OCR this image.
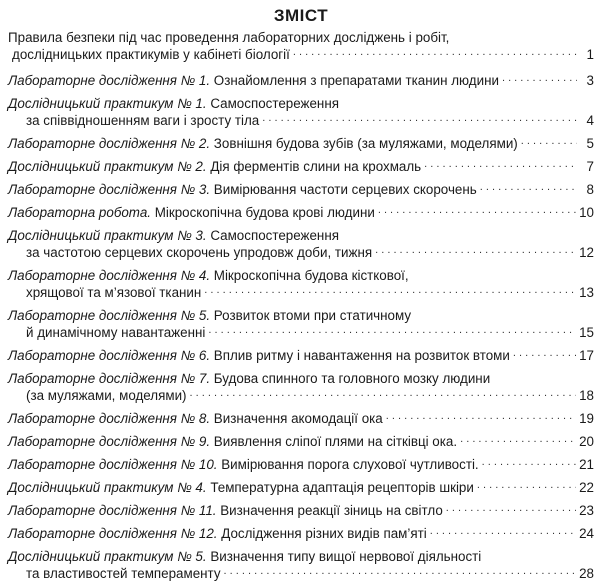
ЗМІСТ
Правила безпеки під час проведення лабораторних досліджень і робіт,
дослідницьких практикумів у кабінеті біології . . .	1
Лабораторне дослідження № 1. Ознайомлення з препаратами тканин людини . . .	3
Дослідницький практикум № 1. Самоспостереження
за співвідношенням ваги і зросту тіла . . .	4
Лабораторне дослідження № 2. Зовнішня будова зубів (за муляжами, моделями) . . .	5
Дослідницький практикум № 2. Дія ферментів слини на крохмаль . . .	7
Лабораторне дослідження № 3. Вимірювання частоти серцевих скорочень . . .	8
Лабораторна робота. Мікроскопічна будова крові людини . . .	10
Дослідницький практикум № 3. Самоспостереження
за частотою серцевих скорочень упродовж доби, тижня . . .	12
Лабораторне дослідження № 4. Мікроскопічна будова кісткової,
хрящової та м’язової тканин . . .	13
Лабораторне дослідження № 5. Розвиток втоми при статичному
й динамічному навантаженні . . .	15
Лабораторне дослідження № 6. Вплив ритму і навантаження на розвиток втоми . . .	17
Лабораторне дослідження № 7. Будова спинного та головного мозку людини
(за муляжами, моделями) . . .	18
Лабораторне дослідження № 8. Визначення акомодації ока . . .	19
Лабораторне дослідження № 9. Виявлення сліпої плями на сітківці ока. . . .	20
Лабораторне дослідження № 10. Вимірювання порога слухової чутливості. . . .	21
Дослідницький практикум № 4. Температурна адаптація рецепторів шкіри . . .	22
Лабораторне дослідження № 11. Визначення реакції зіниць на світло . . .	23
Лабораторне дослідження № 12. Дослідження різних видів пам’яті . . .	24
Дослідницький практикум № 5. Визначення типу вищої нервової діяльності
та властивостей темпераменту . . .	28
